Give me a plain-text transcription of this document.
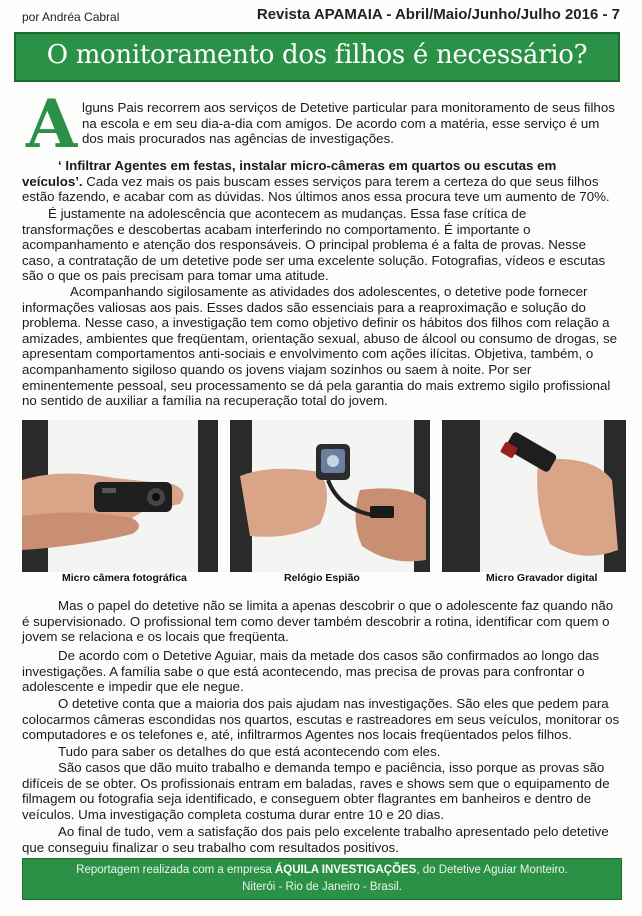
por Andréa Cabral	Revista APAMAIA - Abril/Maio/Junho/Julho 2016 - 7
O monitoramento dos filhos é necessário?
A lguns Pais recorrem aos serviços de Detetive particular para monitoramento de seus filhos na escola e em seu dia-a-dia com amigos. De acordo com a matéria, esse serviço é um dos mais procurados nas agências de investigações.

‘ Infiltrar Agentes em festas, instalar micro-câmeras em quartos ou escutas em veículos’. Cada vez mais os pais buscam esses serviços para terem a certeza do que seus filhos estão fazendo, e acabar com as dúvidas. Nos últimos anos essa procura teve um aumento de 70%.

É justamente na adolescência que acontecem as mudanças. Essa fase crítica de transformações e descobertas acabam interferindo no comportamento. É importante o acompanhamento e atenção dos responsáveis. O principal problema é a falta de provas. Nesse caso, a contratação de um detetive pode ser uma excelente solução. Fotografias, vídeos e escutas são o que os pais precisam para tomar uma atitude.

Acompanhando sigilosamente as atividades dos adolescentes, o detetive pode fornecer informações valiosas aos pais. Esses dados são essenciais para a reaproximação e solução do problema. Nesse caso, a investigação tem como objetivo definir os hábitos dos filhos com relação a amizades, ambientes que freqüentam, orientação sexual, abuso de álcool ou consumo de drogas, se apresentam comportamentos anti-sociais e envolvimento com ações ilícitas. Objetiva, também, o acompanhamento sigiloso quando os jovens viajam sozinhos ou saem à noite. Por ser eminentemente pessoal, seu processamento se dá pela garantia do mais extremo sigilo profissional no sentido de auxiliar a família na recuperação total do jovem.

Micro câmera fotográfica	Relógio Espião	Micro Gravador digital

Mas o papel do detetive não se limita a apenas descobrir o que o adolescente faz quando não é supervisionado. O profissional tem como dever também descobrir a rotina, identificar com quem o jovem se relaciona e os locais que freqüenta.

De acordo com o Detetive Aguiar, mais da metade dos casos são confirmados ao longo das investigações. A família sabe o que está acontecendo, mas precisa de provas para confrontar o adolescente e impedir que ele negue.

O detetive conta que a maioria dos pais ajudam nas investigações. São eles que pedem para colocarmos câmeras escondidas nos quartos, escutas e rastreadores em seus veículos, monitorar os computadores e os telefones e, até, infiltrarmos Agentes nos locais freqüentados pelos filhos.

Tudo para saber os detalhes do que está acontecendo com eles.

São casos que dão muito trabalho e demanda tempo e paciência, isso porque as provas são difíceis de se obter. Os profissionais entram em baladas, raves e shows sem que o equipamento de filmagem ou fotografia seja identificado, e conseguem obter flagrantes em banheiros e dentro de veículos. Uma investigação completa costuma durar entre 10 e 20 dias.

Ao final de tudo, vem a satisfação dos pais pelo excelente trabalho apresentado pelo detetive que conseguiu finalizar o seu trabalho com resultados positivos.

Reportagem realizada com a empresa ÁQUILA INVESTIGAÇÕES, do Detetive Aguiar Monteiro.
Niterói - Rio de Janeiro - Brasil.
